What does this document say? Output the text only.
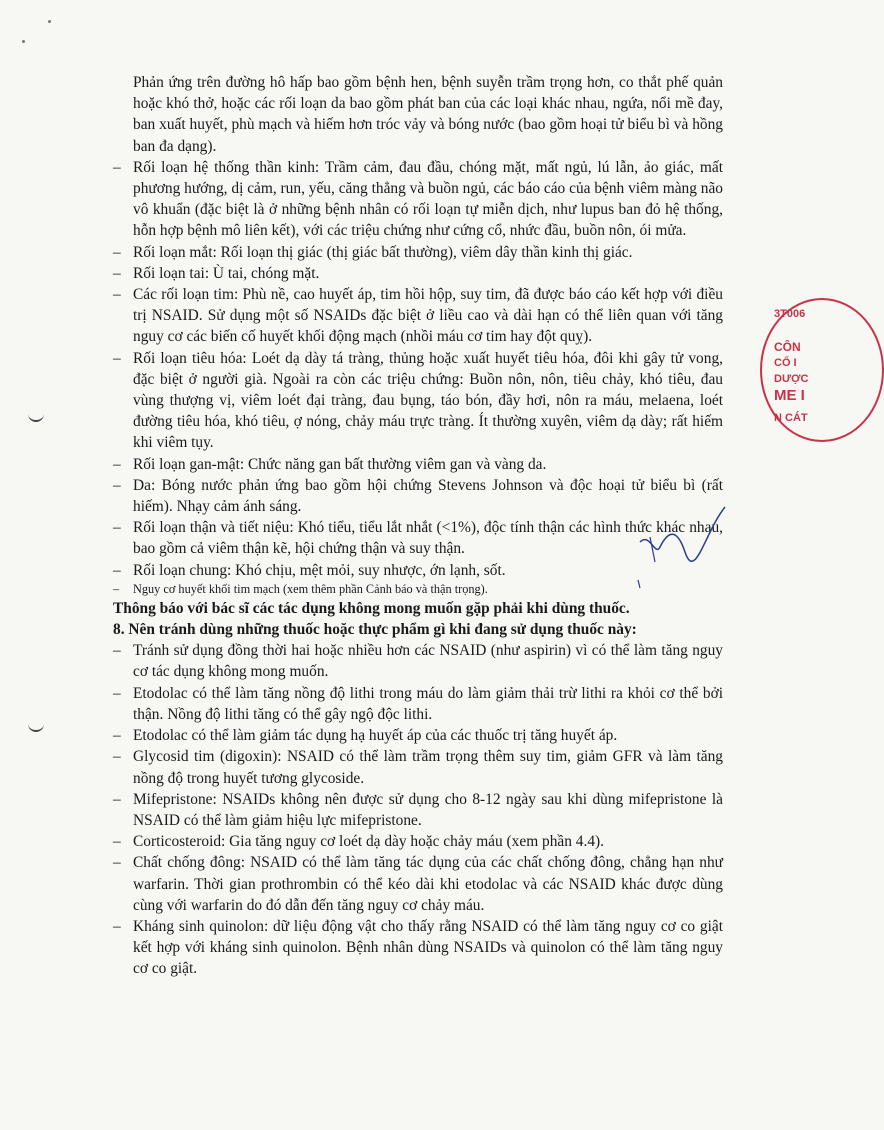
Phản ứng trên đường hô hấp bao gồm bệnh hen, bệnh suyễn trầm trọng hơn, co thắt phế quản hoặc khó thở, hoặc các rối loạn da bao gồm phát ban của các loại khác nhau, ngứa, nổi mề đay, ban xuất huyết, phù mạch và hiếm hơn tróc vảy và bóng nước (bao gồm hoại tử biểu bì và hồng ban đa dạng).

– Rối loạn hệ thống thần kinh: Trầm cảm, đau đầu, chóng mặt, mất ngủ, lú lẫn, ảo giác, mất phương hướng, dị cảm, run, yếu, căng thẳng và buồn ngủ, các báo cáo của bệnh viêm màng não vô khuẩn (đặc biệt là ở những bệnh nhân có rối loạn tự miễn dịch, như lupus ban đỏ hệ thống, hỗn hợp bệnh mô liên kết), với các triệu chứng như cứng cổ, nhức đầu, buồn nôn, ói mửa.

– Rối loạn mắt: Rối loạn thị giác (thị giác bất thường), viêm dây thần kinh thị giác.

– Rối loạn tai: Ù tai, chóng mặt.

– Các rối loạn tim: Phù nề, cao huyết áp, tim hồi hộp, suy tim, đã được báo cáo kết hợp với điều trị NSAID. Sử dụng một số NSAIDs đặc biệt ở liều cao và dài hạn có thể liên quan với tăng nguy cơ các biến cố huyết khối động mạch (nhồi máu cơ tim hay đột quỵ).

– Rối loạn tiêu hóa: Loét dạ dày tá tràng, thủng hoặc xuất huyết tiêu hóa, đôi khi gây tử vong, đặc biệt ở người già. Ngoài ra còn các triệu chứng: Buồn nôn, nôn, tiêu chảy, khó tiêu, đau vùng thượng vị, viêm loét đại tràng, đau bụng, táo bón, đầy hơi, nôn ra máu, melaena, loét đường tiêu hóa, khó tiêu, ợ nóng, chảy máu trực tràng. Ít thường xuyên, viêm dạ dày; rất hiếm khi viêm tụy.

– Rối loạn gan-mật: Chức năng gan bất thường viêm gan và vàng da.

– Da: Bóng nước phản ứng bao gồm hội chứng Stevens Johnson và độc hoại tử biểu bì (rất hiếm). Nhạy cảm ánh sáng.

– Rối loạn thận và tiết niệu: Khó tiểu, tiểu lắt nhắt (<1%), độc tính thận các hình thức khác nhau, bao gồm cả viêm thận kẽ, hội chứng thận và suy thận.

– Rối loạn chung: Khó chịu, mệt mỏi, suy nhược, ớn lạnh, sốt.

– Nguy cơ huyết khối tim mạch (xem thêm phần Cảnh báo và thận trọng).

Thông báo với bác sĩ các tác dụng không mong muốn gặp phải khi dùng thuốc.

8. Nên tránh dùng những thuốc hoặc thực phẩm gì khi đang sử dụng thuốc này:

– Tránh sử dụng đồng thời hai hoặc nhiều hơn các NSAID (như aspirin) vì có thể làm tăng nguy cơ tác dụng không mong muốn.

– Etodolac có thể làm tăng nồng độ lithi trong máu do làm giảm thải trừ lithi ra khỏi cơ thể bởi thận. Nồng độ lithi tăng có thể gây ngộ độc lithi.

– Etodolac có thể làm giảm tác dụng hạ huyết áp của các thuốc trị tăng huyết áp.

– Glycosid tim (digoxin): NSAID có thể làm trầm trọng thêm suy tim, giảm GFR và làm tăng nồng độ trong huyết tương glycoside.

– Mifepristone: NSAIDs không nên được sử dụng cho 8-12 ngày sau khi dùng mifepristone là NSAID có thể làm giảm hiệu lực mifepristone.

– Corticosteroid: Gia tăng nguy cơ loét dạ dày hoặc chảy máu (xem phần 4.4).

– Chất chống đông: NSAID có thể làm tăng tác dụng của các chất chống đông, chẳng hạn như warfarin. Thời gian prothrombin có thể kéo dài khi etodolac và các NSAID khác được dùng cùng với warfarin do đó dẫn đến tăng nguy cơ chảy máu.

– Kháng sinh quinolon: dữ liệu động vật cho thấy rằng NSAID có thể làm tăng nguy cơ co giật kết hợp với kháng sinh quinolon. Bệnh nhân dùng NSAIDs và quinolon có thể làm tăng nguy cơ co giật.

3T006
CÔN
CỔ I
DƯỢC
ME I
N CÁT
